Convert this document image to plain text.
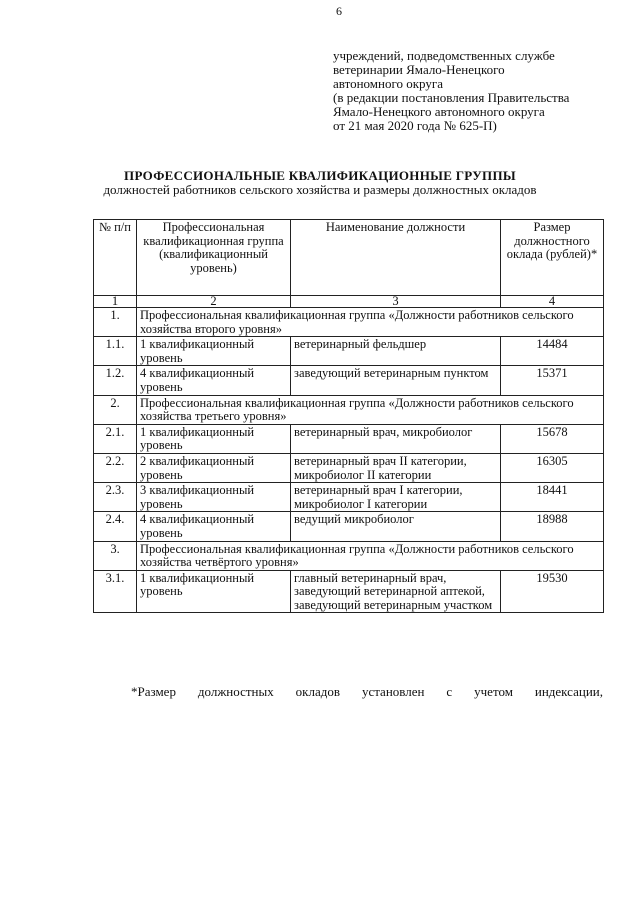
6
учреждений, подведомственных службе
ветеринарии Ямало-Ненецкого
автономного округа
(в редакции постановления Правительства
Ямало-Ненецкого автономного округа
от 21 мая 2020 года № 625-П)
ПРОФЕССИОНАЛЬНЫЕ КВАЛИФИКАЦИОННЫЕ ГРУППЫ
должностей работников сельского хозяйства и размеры должностных окладов
№ п/п	Профессиональная квалификационная группа (квалификационный уровень)	Наименование должности	Размер должностного оклада (рублей)*
1	2	3	4
1.	Профессиональная квалификационная группа «Должности работников сельского хозяйства второго уровня»		
1.1.	1 квалификационный уровень	ветеринарный фельдшер	14484
1.2.	4 квалификационный уровень	заведующий ветеринарным пунктом	15371
2.	Профессиональная квалификационная группа «Должности работников сельского хозяйства третьего уровня»		
2.1.	1 квалификационный уровень	ветеринарный врач, микробиолог	15678
2.2.	2 квалификационный уровень	ветеринарный врач II категории, микробиолог II категории	16305
2.3.	3 квалификационный уровень	ветеринарный врач I категории, микробиолог I категории	18441
2.4.	4 квалификационный уровень	ведущий микробиолог	18988
3.	Профессиональная квалификационная группа «Должности работников сельского хозяйства четвёртого уровня»		
3.1.	1 квалификационный уровень	главный ветеринарный врач, заведующий ветеринарной аптекой, заведующий ветеринарным участком	19530
*Размер должностных окладов установлен с учетом индексации,
